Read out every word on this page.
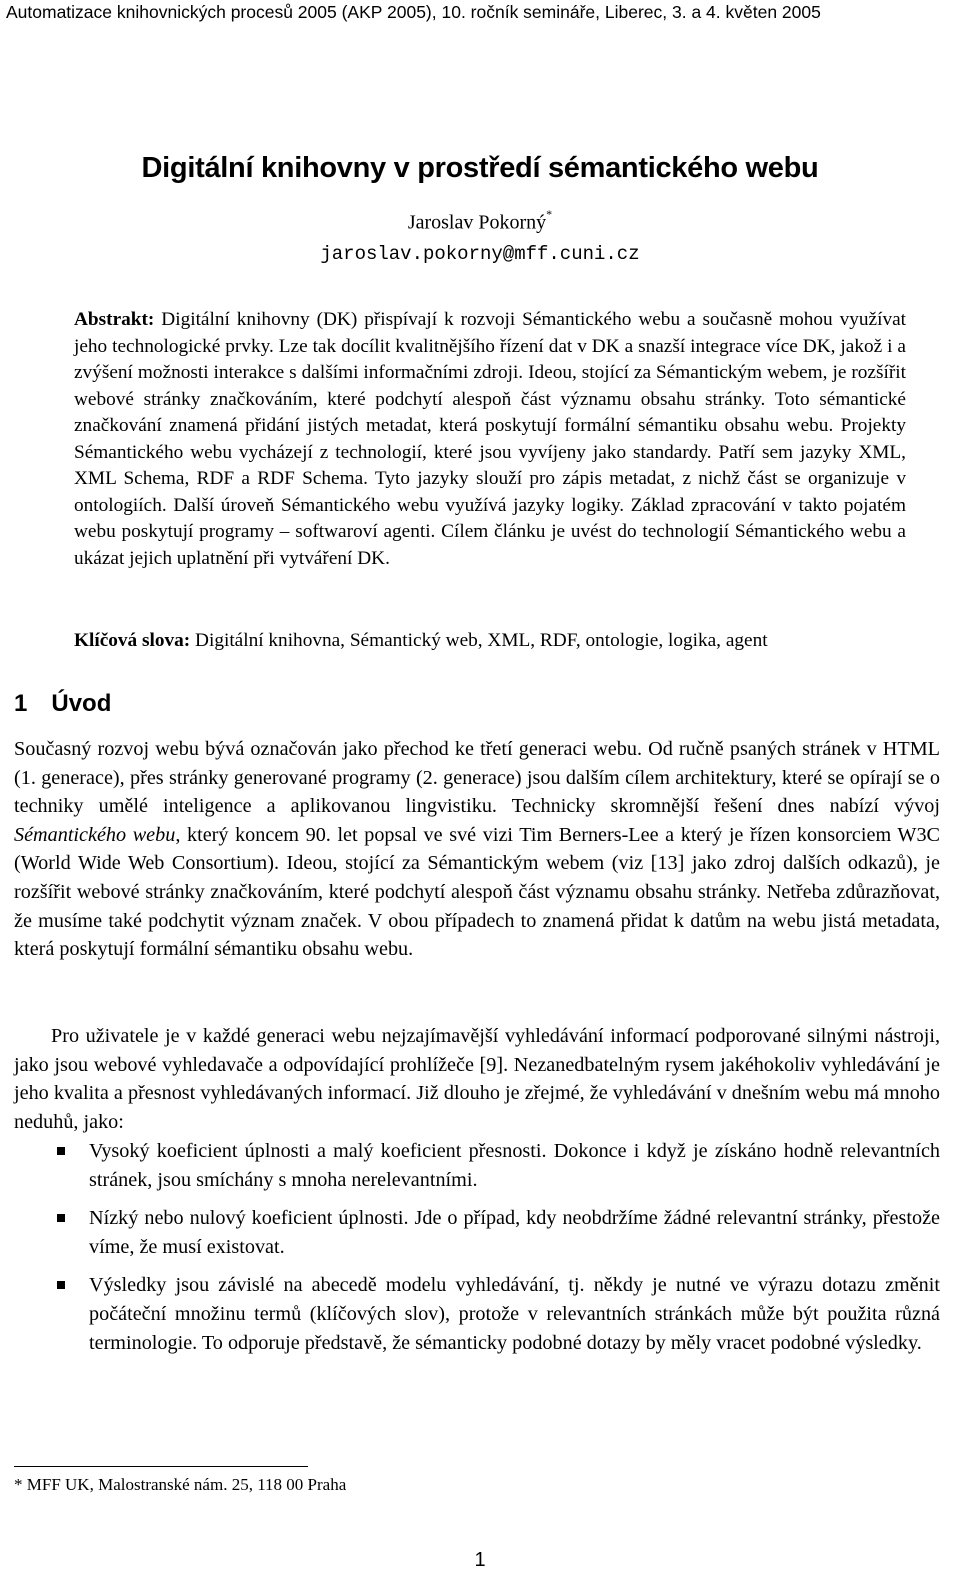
Automatizace knihovnických procesů 2005 (AKP 2005), 10. ročník semináře, Liberec, 3. a 4. květen 2005

Digitální knihovny v prostředí sémantického webu

Jaroslav Pokorný*

jaroslav.pokorny@mff.cuni.cz

Abstrakt: Digitální knihovny (DK) přispívají k rozvoji Sémantického webu a současně mohou využívat jeho technologické prvky. Lze tak docílit kvalitnějšího řízení dat v DK a snazší integrace více DK, jakož i a zvýšení možnosti interakce s dalšími informačními zdroji. Ideou, stojící za Sémantickým webem, je rozšířit webové stránky značkováním, které podchytí alespoň část významu obsahu stránky. Toto sémantické značkování znamená přidání jistých metadat, která poskytují formální sémantiku obsahu webu. Projekty Sémantického webu vycházejí z technologií, které jsou vyvíjeny jako standardy. Patří sem jazyky XML, XML Schema, RDF a RDF Schema. Tyto jazyky slouží pro zápis metadat, z nichž část se organizuje v ontologiích. Další úroveň Sémantického webu využívá jazyky logiky. Základ zpracování v takto pojatém webu poskytují programy – softwaroví agenti. Cílem článku je uvést do technologií Sémantického webu a ukázat jejich uplatnění při vytváření DK.

Klíčová slova: Digitální knihovna, Sémantický web, XML, RDF, ontologie, logika, agent

1 Úvod

Současný rozvoj webu bývá označován jako přechod ke třetí generaci webu. Od ručně psaných stránek v HTML (1. generace), přes stránky generované programy (2. generace) jsou dalším cílem architektury, které se opírají se o techniky umělé inteligence a aplikovanou lingvistiku. Technicky skromnější řešení dnes nabízí vývoj Sémantického webu, který koncem 90. let popsal ve své vizi Tim Berners-Lee a který je řízen konsorciem W3C (World Wide Web Consortium). Ideou, stojící za Sémantickým webem (viz [13] jako zdroj dalších odkazů), je rozšířit webové stránky značkováním, které podchytí alespoň část významu obsahu stránky. Netřeba zdůrazňovat, že musíme také podchytit význam značek. V obou případech to znamená přidat k datům na webu jistá metadata, která poskytují formální sémantiku obsahu webu.

Pro uživatele je v každé generaci webu nejzajímavější vyhledávání informací podporované silnými nástroji, jako jsou webové vyhledavače a odpovídající prohlížeče [9]. Nezanedbatelným rysem jakéhokoliv vyhledávání je jeho kvalita a přesnost vyhledávaných informací. Již dlouho je zřejmé, že vyhledávání v dnešním webu má mnoho neduhů, jako:

Vysoký koeficient úplnosti a malý koeficient přesnosti. Dokonce i když je získáno hodně relevantních stránek, jsou smíchány s mnoha nerelevantními.
Nízký nebo nulový koeficient úplnosti. Jde o případ, kdy neobdržíme žádné relevantní stránky, přestože víme, že musí existovat.
Výsledky jsou závislé na abecedě modelu vyhledávání, tj. někdy je nutné ve výrazu dotazu změnit počáteční množinu termů (klíčových slov), protože v relevantních stránkách může být použita různá terminologie. To odporuje představě, že sémanticky podobné dotazy by měly vracet podobné výsledky.

* MFF UK, Malostranské nám. 25, 118 00 Praha

1
